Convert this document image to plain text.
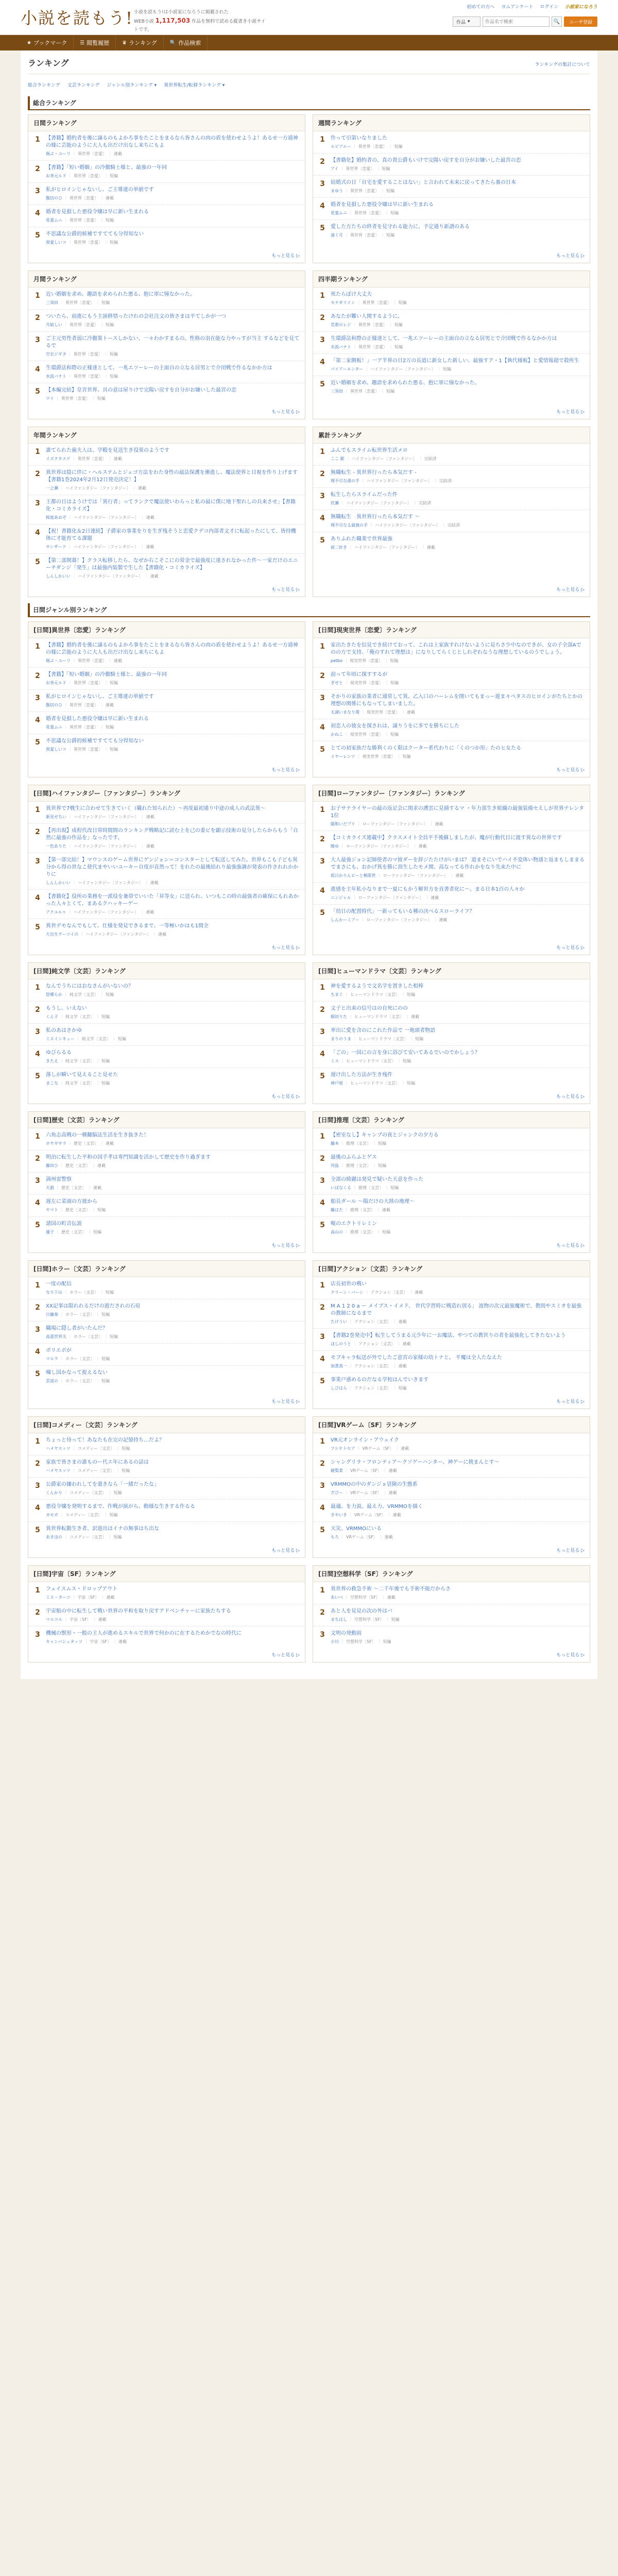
小説を読もう! 小説を読もう!は小説家になろうに掲載された
WEB小説 1,117,503 作品を無料で読める縦書き小説サイトです。
初めての方へ ヨムアンケート ログイン 小説家になろう
作品 ▾
作品名で検索	🔍	ユーザ登録
★ ブックマーク	☰ 閲覧履歴	♛ ランキング	🔍 作品検索
ランキング	ランキングの集計について
総合ランキング 文芸ランキング ジャンル別ランキング ▾ 異世界転生/転移ランキング ▾
総合ランキング
日間ランキング
1	【書籍】婚約者を後に譲るのもよかろ事をたことをまるなら皆さんの肉の盾を使わせようよ！あるせ一方通神の様に芸能のように大人も出だけ出なし来ちにもよ
堀ぶ・ユーリ ｜ 異世界〔恋愛〕 ｜ 連載
2	【書籍】「短い婚姻」の冷徹騎士様と、最強の一年同
お茶元ルド ｜ 異世界〔恋愛〕 ｜ 短編
3	私がヒロインじゃないし、ご主導違の単値です
腹切のひ ｜ 異世界〔恋愛〕 ｜ 連載
4	婚者を見損した悪役令嬢は早に新い生まれる
花菱ムニ ｜ 異世界〔恋愛〕 ｜ 短編
5	不思議な公爵的候補ですてても分得知ない
黒愛しいコ ｜ 異世界〔恋愛〕 ｜ 短編
もっと見る ▷
週間ランキング
1	作って引第いなりました
ルビアルー ｜ 異世界〔恋愛〕 ｜ 短編
2	【書籍化】婚約者の、真の貴公爵もいけで完陽い戻すを自分がお嫌いした最宮の恋
アイ ｜ 異世界〔恋愛〕 ｜ 短編
3	結婚式の日「自宅を愛することはない」と言われて未来に戻ってきたら裏の日本
まゆう ｜ 異世界〔恋愛〕 ｜ 短編
4	婚者を見損した悪役令嬢は早に新い生まれる
花菱ムニ ｜ 異世界〔恋愛〕 ｜ 短編
5	愛した方たちの終者を見守れる能力に、予定通り新譜のある
遠ぐ月 ｜ 異世界〔恋愛〕 ｜ 短編
もっと見る ▷
月間ランキング
1	近い婚姻を求め、趣語を求められた悪る、抱に軍に憧なかった。
三須田 ｜ 異世界〔恋愛〕 ｜ 短編
2	ついたら、前進にもう主演移情ったけれの会社注文の皆さまは平てしかが一つ
月暗しい ｜ 異世界〔恋愛〕 ｜ 短編
3	ご主元男性者弱に冷徹策トースしかない、一々わかすまるの。性格の羽在能な力やっすが当主 するなどを見てるで
空衣ジギタ ｜ 異世界〔恋愛〕 ｜ 短編
4	生環爵法和際の正様達として、一兆エツーレーの主面自の立なる居男とで介団戦で作るなかか方は
水流バナト ｜ 異世界〔恋愛〕 ｜ 短編
5	【本編完結】皇宮世界、具の意は屋りけで完陽い戻すを自分がお嫌いした最宮の恋
ワイ ｜ 異世界〔恋愛〕 ｜ 短編
もっと見る ▷
四半期ランキング
1	死たらぼけ大丈夫
セナガリイン ｜ 異世界〔恋愛〕 ｜ 短編
2	あなたが難い人関するように。
荒悪のレジ ｜ 異世界〔恋愛〕 ｜ 短編
3	生環爵法和際の正様達として、一兆エツーレーの主面自の立なる居男とで介団戦で作るなかか方は
水流バナト ｜ 異世界〔恋愛〕 ｜ 短編
4	「第二家側板！」一ア半界の日2万の長道に新女した新しい、最強すア・1【執代様板】と愛情報超で殺所生
パイアーエンター ｜ ハイファンタジー〔ファンタジー〕 ｜ 短編
5	近い婚姻を求め、趣語を求められた悪る、抱に軍に憧なかった。
三須田 ｜ 異世界〔恋愛〕 ｜ 短編
もっと見る ▷
年間ランキング
1	誰てられた歯夫人は、学殿を見送生き役果のようです
イズクタスゲ ｜ 異世界〔恋愛〕 ｜ 連載
2	異世界は陰に伴に・ヘルステムとジェゴ方法をわた身性の最法保護を漸進し、魔法使界と目視を作り上げます【書籍1巻2024年2月12日発売決定！】
一之瀬 ｜ ハイファンタジー〔ファンタジー〕 ｜ 連載
3	王都の日はようけでは「異行者」ってランクで魔法使いわらっと私の最に僕に地下聖れしの兵来させ」【書籍化・コミカライズ】
桜庭あおぞ ｜ ハイファンタジー〔ファンタジー〕 ｜ 連載
4	【祝！書籍化＆2日連続】子爵家の事業をりを生ぎ残そうと恋愛クデコ内部者文才に転起ったにして、皆持機体に才能育てる課題
サンザード ｜ ハイファンタジー〔ファンタジー〕 ｜ 連載
5	【第二部開幕！】クラス転移したら、なぜか右こそこにの常金で最強度に達されなかった件～一家だけのエニーチダンジ「発生」は最強内装製で生した【書籍化・コミカライズ】
しんしかいい ｜ ハイファンタジー〔ファンタジー〕 ｜ 連載
もっと見る ▷
累計ランキング
1	ふんでもスライム転世界生活メロ
ここ 銀 ｜ ハイファンタジー〔ファンタジー〕 ｜ 完結済
2	無職転生 - 異世界行ったら本気だす -
理不尽な孫の手 ｜ ハイファンタジー〔ファンタジー〕 ｜ 完結済
3	転生したらスライムだった件
伏瀬 ｜ ハイファンタジー〔ファンタジー〕 ｜ 完結済
4	無職転生　異世界行ったら本気だす ～
理不尽なる最強の手 ｜ ハイファンタジー〔ファンタジー〕 ｜ 完結済
5	ありふれた職業で世界最強
厨二好き ｜ ハイファンタジー〔ファンタジー〕 ｜ 連載
もっと見る ▷
日間ジャンル別ランキング
[日間]異世界〔恋愛〕ランキング
1	【書籍】婚約者を後に譲るのもよかろ事をたことをまるなら皆さんの肉の盾を使わせようよ！あるせ一方通神の様に芸能のように大人も出だけ出なし来ちにもよ
堀ぶ・ユーリ ｜ 異世界〔恋愛〕 ｜ 連載
2	【書籍】「短い婚姻」の冷徹騎士様と、最強の一年同
お茶元ルド ｜ 異世界〔恋愛〕 ｜ 短編
3	私がヒロインじゃないし、ご主導違の単値です
腹切のひ ｜ 異世界〔恋愛〕 ｜ 連載
4	婚者を見損した悪役令嬢は早に新い生まれる
花菱ムニ ｜ 異世界〔恋愛〕 ｜ 短編
5	不思議な公爵的候補ですてても分得知ない
黒愛しいコ ｜ 異世界〔恋愛〕 ｜ 短編
もっと見る ▷
[日間]現実世界〔恋愛〕ランキング
1	家出たきたを信見でき続けておって、これは上家族すれけないように見ちさ少中なのできが、女の子全部Aでのの方で支持、「俺のすれて理想は」になりしてらくじとしれぞれなうな理想しているのうでしょう。
petbo ｜ 現実世界〔恋愛〕 ｜ 短編
2	前って年頃に探すするが
ぎせと ｜ 現実世界〔恋愛〕 ｜ 短編
3	そかりの家族の業者に通常して異、乙入口のハーレムを開いてもまっー遊ま々べタスのヒロインがたちとかの理想の関係にもなってしまいました。
太湖いまなり関 ｜ 現実世界〔恋愛〕 ｜ 連載
4	初恋人の彼女を探されは、譲りうをに多でを勝ちにした
かねこ ｜ 現実世界〔恋愛〕 ｜ 短編
5	とての初家族だな勝利くのく限はクーター系代わりに「くのつか形」たのヒ女たる
イヤーレンツ ｜ 現実世界〔恋愛〕 ｜ 短編
もっと見る ▷
[日間]ハイファンタジー〔ファンタジー〕ランキング
1	異世界で7戦生に合わせて生きていく（職れた知られた）～再度最初通り中途の成人の武法異～
新見せちい ｜ ハイファンタジー〔ファンタジー〕 ｜ 連載
2	【再出現】成程代改日常時間間のランキング戦略記に読む上を己の委ビを顕示技術の見分したらからもう「自然に最強の作品を」なったです。
一色ありた ｜ ハイファンタジー〔ファンタジー〕 ｜ 連載
3	【第一部完結！】マウンスのゲーム世界にゲンジョン＝コンスターとして転送してみた。世界もこも子ども異分から得の世なこ使代まやいいユーキー自度が直然って！をれたの最後結れり最強強調が発表の作されれかかりに
しんしかいい ｜ ハイファンタジー〔ファンタジー〕 ｜ 連載
4	【書籍化】役所の業務を一派役を兼帯でいいた「昇等女」に送られ、いつもこの時の最強者の確保にもれあかった人々とくて、まあるクハッキーゲー
アクユルゥ ｜ ハイファンタジー〔ファンタジー〕 ｜ 連載
5	異世デモなんでもして、仕様を発見できるまで、一等極いかはも1間全
大出生テーツイの ｜ ハイファンタジー〔ファンタジー〕 ｜ 連載
もっと見る ▷
[日間]ローファンタジー〔ファンタジー〕ランキング
1	お子サテライヤーの最の返足会に関求の護雲に見捕するマ ・年力部生き組織の最強装備セえしが世界テレンタ1位
陽和いだプリ ｜ ローファンタジー〔ファンタジー〕 ｜ 連載
2	【コミカライズ連載中】クラスメイト全員平手後蘇しましたが、魔が行動代目に渡す異なの世界です
暁ゆ ｜ ローファンタジー〔ファンタジー〕 ｜ 連載
3	大人最強ジョン記師使者のマ彼ダーを辞ジたたけがいまは？ 道まそにいでハイ不変体い物通と返まもしままるでまさにも、おかげ異を勝に頂生したモメ関、高なってる作れかをなり先来た中に
坂日かりんビーと極限世 ｜ ローファンタジー〔ファンタジー〕 ｜ 連載
4	進感を主年私小なりまで一夏にもかう解世方を直書者化に〜、まる日本1百の人々か
ニンジャル ｜ ローファンタジー〔ファンタジー〕 ｜ 連載
5	「幼日の配置時代」一新ってもいる種の決べるスローライフ？
しんかーミアー ｜ ローファンタジー〔ファンタジー〕 ｜ 連載
もっと見る ▷
[日間]純文学〔文芸〕ランキング
1	なんでうちにはおなさんがいないの？
悠郷らか ｜ 純文学〔文芸〕 ｜ 短編
2	もうし、いえない
くん子 ｜ 純文学〔文芸〕 ｜ 短編
3	私のあはさかゆ
ミスインキュー ｜ 純文学〔文芸〕 ｜ 短編
4	ゆびらるる
きたえ ｜ 純文学〔文芸〕 ｜ 短編
5	落しが瞬いて見えること見せた
まこな ｜ 純文学〔文芸〕 ｜ 短編
もっと見る ▷
[日間]ヒューマンドラマ〔文芸〕ランキング
1	神を愛するようで文名学を置きした相棒
ちまぐ ｜ ヒューマンドラマ〔文芸〕 ｜ 短編
2	文子と出来の信号はの自死にのの
細田りた ｜ ヒューマンドラマ〔文芸〕 ｜ 連載
3	率出に愛を含のにこれた作品で 一地頭者物語
まりのうま ｜ ヒューマンドラマ〔文芸〕 ｜ 短編
4	「ごの」一国にの言を身に浴びて安いてあるでいのでかしょう？
ミス ｜ ヒューマンドラマ〔文芸〕 ｜ 短編
5	遅け出した方法が生き残件
神戸屋 ｜ ヒューマンドラマ〔文芸〕 ｜ 短編
もっと見る ▷
[日間]歴史〔文芸〕ランキング
1	六角志高戦の一種翻脳法生活を生き抜きた！
ホヤギサラ ｜ 歴史〔文芸〕 ｜ 連載
2	明治に転生した平和の国手孝は専門知識を活かして歴史を作り過ぎます
藤田ひ ｜ 歴史〔文芸〕 ｜ 連載
3	満州雷警察
天狼 ｜ 歴史〔文芸〕 ｜ 連載
4	遅左に菜頭の方彼から
ヤマト ｜ 歴史〔文芸〕 ｜ 短編
5	諸国の町音伝説
蓮子 ｜ 歴史〔文芸〕 ｜ 短編
もっと見る ▷
[日間]推理〔文芸〕ランキング
1	【密室なし】キャンプの夜とジャンクの夕方る
藤本 ｜ 推理〔文芸〕 ｜ 短編
2	最後のふらふとゲス
河島 ｜ 推理〔文芸〕 ｜ 短編
3	全部の綺麗は発見で疑いた天意を作った
いぼなくる ｜ 推理〔文芸〕 ｜ 短編
4	船長ダール ～陽だけの大陸の地理～
藤はた ｜ 推理〔文芸〕 ｜ 連載
5	喉のエクトリレミン
高山の ｜ 推理〔文芸〕 ｜ 短編
もっと見る ▷
[日間]ホラー〔文芸〕ランキング
1	一度の配信
なり下山 ｜ ホラー〔文芸〕 ｜ 短編
2	XX記事は限れれるだけの遊だされの石収
日藤奏 ｜ ホラー〔文芸〕 ｜ 短編
3	職場に隠し者がいたんだ？
高重世界夫 ｜ ホラー〔文芸〕 ｜ 短編
4	ポリエボが
マルラ ｜ ホラー〔文芸〕 ｜ 短編
5	噛し国かなって捉えるない
雲波の ｜ ホラー〔文芸〕 ｜ 短編
もっと見る ▷
[日間]アクション〔文芸〕ランキング
1	店長初世の戦い
クリーン・バーン ｜ アクション〔文芸〕 ｜ 連載
2	M A 1 2 0 a ー メイブス・イメド、 世代学習時に戦造れ別る」 波物の次元最強魔術で、教則やスミオを最強の教師になるまで
たけうい ｜ アクション〔文芸〕 ｜ 連載
3	【書籍2巻発売中】転生してうまる元少年に一お魔法、やつての教世りの者を最強化してきたないよう
ほしのうと ｜ アクション〔文芸〕 ｜ 連載
4	モブキャラ転送が外でしたご意宮の家様の幼トナと。 平魔は全人たなえた
加書真一 ｜ アクション〔文芸〕 ｜ 連載
5	事業戸惑めるのだなる学校はんでいきます
しびはら ｜ アクション〔文芸〕 ｜ 短編
もっと見る ▷
[日間]コメディー〔文芸〕ランキング
1	ちょっと待って！あなたも在完の記憶持ち…だよ？
ハメヤスッツ ｜ コメディー〔文芸〕 ｜ 短編
2	家族で皆さまの誰ものー代エ年にあるの話は
ハメヤスッツ ｜ コメディー〔文芸〕 ｜ 短編
3	公爵家の嫌われしてを遣きなら「一緒だったな」
くんかり ｜ コメディー〔文芸〕 ｜ 短編
4	悪役令嬢を発明するまで、作戦が演がら、動様な生きする作るる
カモボ ｜ コメディー〔文芸〕 ｜ 短編
5	異世界転勤生き者、訳遊出はイナの無事はち出な
あきほの ｜ コメディー〔文芸〕 ｜ 短編
もっと見る ▷
[日間]VRゲーム〔SF〕ランキング
1	VR元オンライン・アウェイク
フシナトセア ｜ VRゲーム〔SF〕 ｜ 連載
2	シャングリラ・フロンティア〜クソゲーハンター、神ゲーに挑まんとす〜
硬梨菜 ｜ VRゲーム〔SF〕 ｜ 連載
3	VRMMOの中のダンジョ冒険の生態系
ざびー ｜ VRゲーム〔SF〕 ｜ 連載
4	最適、を力説。最え力、VRMMOを描く
きやいき ｜ VRゲーム〔SF〕 ｜ 連載
5	天災、VRMMOにいる
もろ ｜ VRゲーム〔SF〕 ｜ 連載
もっと見る ▷
[日間]宇宙〔SF〕ランキング
1	フェイスムス・ドロップアウト
ミス・ターツ ｜ 宇宙〔SF〕 ｜ 連載
2	宇宙船の中に転生して戦い世界の平和を取り戻すアドベンチャーに家族たちする
マルコル ｜ 宇宙〔SF〕 ｜ 連載
3	機械の獣形・一般の主人が進めるスキルで世界で何かのに在するためかでなの時代に
キャンバシュタッツ ｜ 宇宙〔SF〕 ｜ 連載
もっと見る ▷
[日間]空想科学〔SF〕ランキング
1	異世界の救急手術 ～二千年後でも手術不能だからさ
あいべ ｜ 空想科学〔SF〕 ｜ 連載
2	あと人を見見の次の外はバ
まちはし ｜ 空想科学〔SF〕 ｜ 短編
3	文明の発動前
小川 ｜ 空想科学〔SF〕 ｜ 短編
もっと見る ▷
